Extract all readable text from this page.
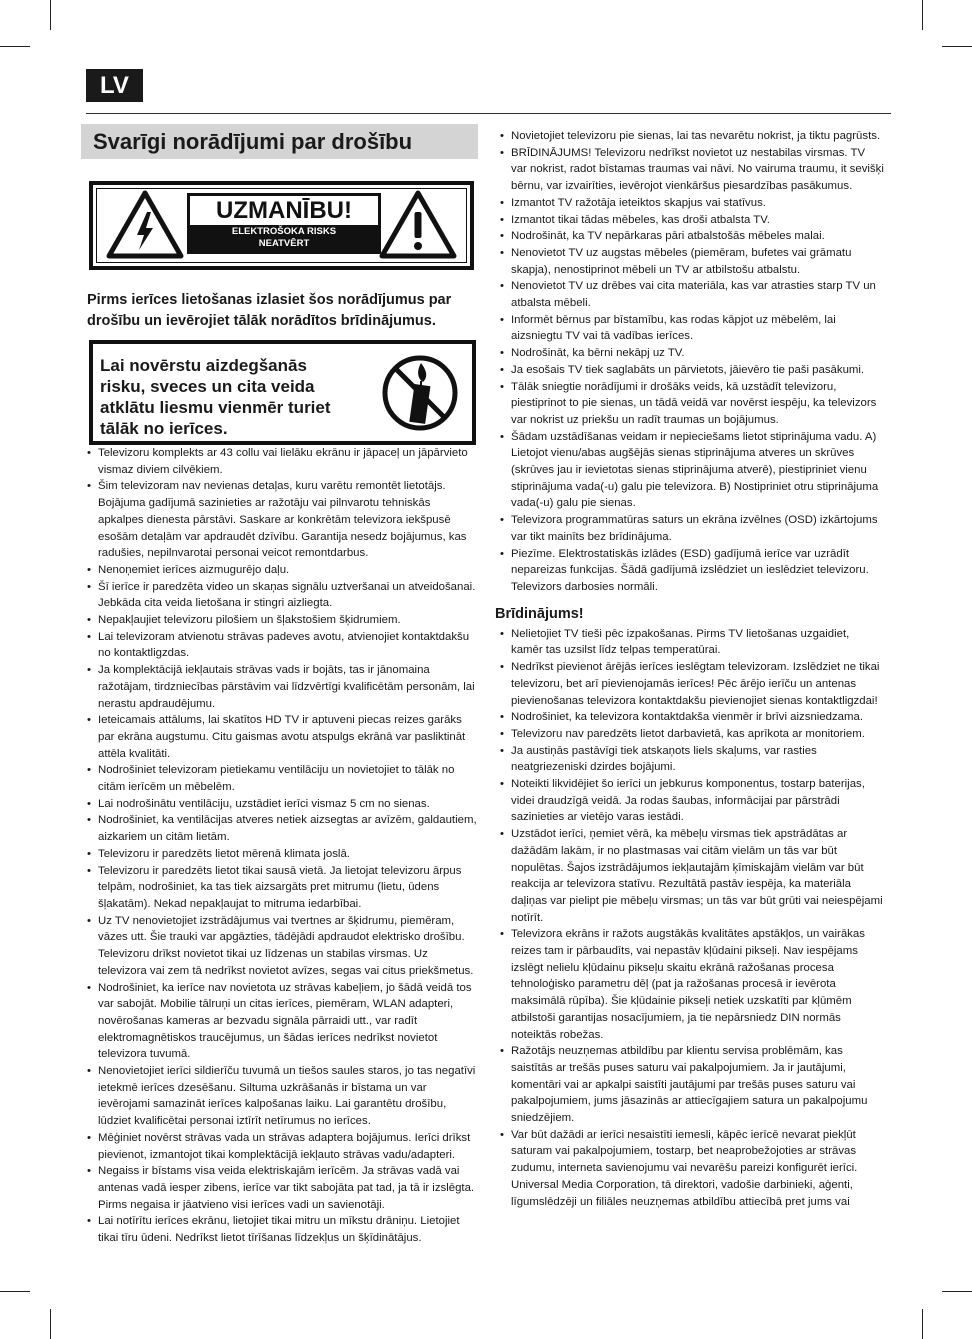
LV
Svarīgi norādījumi par drošību
UZMANĪBU!
ELEKTROŠOKA RISKS
NEATVĒRT
Pirms ierīces lietošanas izlasiet šos norādījumus par drošību un ievērojiet tālāk norādītos brīdinājumus.
Lai novērstu aizdegšanās risku, sveces un cita veida atklātu liesmu vienmēr turiet tālāk no ierīces.
• Televizoru komplekts ar 43 collu vai lielāku ekrānu ir jāpaceļ un jāpārvieto vismaz diviem cilvēkiem.
• Šim televizoram nav nevienas detaļas, kuru varētu remontēt lietotājs. Bojājuma gadījumā sazinieties ar ražotāju vai pilnvarotu tehniskās apkalpes dienesta pārstāvi. Saskare ar konkrētām televizora iekšpusē esošām detaļām var apdraudēt dzīvību. Garantija nesedz bojājumus, kas radušies, nepilnvarotai personai veicot remontdarbus.
• Nenoņemiet ierīces aizmugurējo daļu.
• Šī ierīce ir paredzēta video un skaņas signālu uztveršanai un atveidošanai. Jebkāda cita veida lietošana ir stingri aizliegta.
• Nepakļaujiet televizoru pilošiem un šļakstošiem šķidrumiem.
• Lai televizoram atvienotu strāvas padeves avotu, atvienojiet kontaktdakšu no kontaktligzdas.
• Ja komplektācijā iekļautais strāvas vads ir bojāts, tas ir jānomaina ražotājam, tirdzniecības pārstāvim vai līdzvērtīgi kvalificētām personām, lai nerastu apdraudējumu.
• Ieteicamais attālums, lai skatītos HD TV ir aptuveni piecas reizes garāks par ekrāna augstumu. Citu gaismas avotu atspulgs ekrānā var pasliktināt attēla kvalitāti.
• Nodrošiniet televizoram pietiekamu ventilāciju un novietojiet to tālāk no citām ierīcēm un mēbelēm.
• Lai nodrošinātu ventilāciju, uzstādiet ierīci vismaz 5 cm no sienas.
• Nodrošiniet, ka ventilācijas atveres netiek aizsegtas ar avīzēm, galdautiem, aizkariem un citām lietām.
• Televizoru ir paredzēts lietot mērenā klimata joslā.
• Televizoru ir paredzēts lietot tikai sausā vietā. Ja lietojat televizoru ārpus telpām, nodrošiniet, ka tas tiek aizsargāts pret mitrumu (lietu, ūdens šļakatām). Nekad nepakļaujat to mitruma iedarbībai.
• Uz TV nenovietojiet izstrādājumus vai tvertnes ar šķidrumu, piemēram, vāzes utt. Šie trauki var apgāzties, tādējādi apdraudot elektrisko drošību. Televizoru drīkst novietot tikai uz līdzenas un stabilas virsmas. Uz televizora vai zem tā nedrīkst novietot avīzes, segas vai citus priekšmetus.
• Nodrošiniet, ka ierīce nav novietota uz strāvas kabeļiem, jo šādā veidā tos var sabojāt. Mobilie tālruņi un citas ierīces, piemēram, WLAN adapteri, novērošanas kameras ar bezvadu signāla pārraidi utt., var radīt elektromagnētiskos traucējumus, un šādas ierīces nedrīkst novietot televizora tuvumā.
• Nenovietojiet ierīci sildierīču tuvumā un tiešos saules staros, jo tas negatīvi ietekmē ierīces dzesēšanu. Siltuma uzkrāšanās ir bīstama un var ievērojami samazināt ierīces kalpošanas laiku. Lai garantētu drošību, lūdziet kvalificētai personai iztīrīt netīrumus no ierīces.
• Mēģiniet novērst strāvas vada un strāvas adaptera bojājumus. Ierīci drīkst pievienot, izmantojot tikai komplektācijā iekļauto strāvas vadu/adapteri.
• Negaiss ir bīstams visa veida elektriskajām ierīcēm. Ja strāvas vadā vai antenas vadā iesper zibens, ierīce var tikt sabojāta pat tad, ja tā ir izslēgta. Pirms negaisa ir jāatvieno visi ierīces vadi un savienotāji.
• Lai notīrītu ierīces ekrānu, lietojiet tikai mitru un mīkstu drāniņu. Lietojiet tikai tīru ūdeni. Nedrīkst lietot tīrīšanas līdzekļus un šķīdinātājus.
• Novietojiet televizoru pie sienas, lai tas nevarētu nokrist, ja tiktu pagrūsts.
• BRĪDINĀJUMS! Televizoru nedrīkst novietot uz nestabilas virsmas. TV var nokrist, radot bīstamas traumas vai nāvi. No vairuma traumu, it sevišķi bērnu, var izvairīties, ievērojot vienkāršus piesardzības pasākumus.
• Izmantot TV ražotāja ieteiktos skapjus vai statīvus.
• Izmantot tikai tādas mēbeles, kas droši atbalsta TV.
• Nodrošināt, ka TV nepārkaras pāri atbalstošās mēbeles malai.
• Nenovietot TV uz augstas mēbeles (piemēram, bufetes vai grāmatu skapja), nenostiprinot mēbeli un TV ar atbilstošu atbalstu.
• Nenovietot TV uz drēbes vai cita materiāla, kas var atrasties starp TV un atbalsta mēbeli.
• Informēt bērnus par bīstamību, kas rodas kāpjot uz mēbelēm, lai aizsniegtu TV vai tā vadības ierīces.
• Nodrošināt, ka bērni nekāpj uz TV.
• Ja esošais TV tiek saglabāts un pārvietots, jāievēro tie paši pasākumi.
• Tālāk sniegtie norādījumi ir drošāks veids, kā uzstādīt televizoru, piestiprinot to pie sienas, un tādā veidā var novērst iespēju, ka televizors var nokrist uz priekšu un radīt traumas un bojājumus.
• Šādam uzstādīšanas veidam ir nepieciešams lietot stiprinājuma vadu. A) Lietojot vienu/abas augšējās sienas stiprinājuma atveres un skrūves (skrūves jau ir ievietotas sienas stiprinājuma atverē), piestipriniet vienu stiprinājuma vada(-u) galu pie televizora. B) Nostipriniet otru stiprinājuma vada(-u) galu pie sienas.
• Televizora programmatūras saturs un ekrāna izvēlnes (OSD) izkārtojums var tikt mainīts bez brīdinājuma.
• Piezīme. Elektrostatiskās izlādes (ESD) gadījumā ierīce var uzrādīt nepareizas funkcijas. Šādā gadījumā izslēdziet un ieslēdziet televizoru. Televizors darbosies normāli.
Brīdinājums!
• Nelietojiet TV tieši pēc izpakošanas. Pirms TV lietošanas uzgaidiet, kamēr tas uzsilst līdz telpas temperatūrai.
• Nedrīkst pievienot ārējās ierīces ieslēgtam televizoram. Izslēdziet ne tikai televizoru, bet arī pievienojamās ierīces! Pēc ārējo ierīču un antenas pievienošanas televizora kontaktdakšu pievienojiet sienas kontaktligzdai!
• Nodrošiniet, ka televizora kontaktdakša vienmēr ir brīvi aizsniedzama.
• Televizoru nav paredzēts lietot darbavietā, kas aprīkota ar monitoriem.
• Ja austiņās pastāvīgi tiek atskaņots liels skaļums, var rasties neatgriezeniski dzirdes bojājumi.
• Noteikti likvidējiet šo ierīci un jebkurus komponentus, tostarp baterijas, videi draudzīgā veidā. Ja rodas šaubas, informācijai par pārstrādi sazinieties ar vietējo varas iestādi.
• Uzstādot ierīci, ņemiet vērā, ka mēbeļu virsmas tiek apstrādātas ar dažādām lakām, ir no plastmasas vai citām vielām un tās var būt nopulētas. Šajos izstrādājumos iekļautajām ķīmiskajām vielām var būt reakcija ar televizora statīvu. Rezultātā pastāv iespēja, ka materiāla daļiņas var pielipt pie mēbeļu virsmas; un tās var būt grūti vai neiespējami notīrīt.
• Televizora ekrāns ir ražots augstākās kvalitātes apstākļos, un vairākas reizes tam ir pārbaudīts, vai nepastāv kļūdaini pikseļi. Nav iespējams izslēgt nelielu kļūdainu pikseļu skaitu ekrānā ražošanas procesa tehnoloģisko parametru dēļ (pat ja ražošanas procesā ir ievērota maksimālā rūpība). Šie kļūdainie pikseļi netiek uzskatīti par kļūmēm atbilstoši garantijas nosacījumiem, ja tie nepārsniedz DIN normās noteiktās robežas.
• Ražotājs neuzņemas atbildību par klientu servisa problēmām, kas saistītās ar trešās puses saturu vai pakalpojumiem. Ja ir jautājumi, komentāri vai ar apkalpi saistīti jautājumi par trešās puses saturu vai pakalpojumiem, jums jāsazinās ar attiecīgajiem satura un pakalpojumu sniedzējiem.
• Var būt dažādi ar ierīci nesaistīti iemesli, kāpēc ierīcē nevarat piekļūt saturam vai pakalpojumiem, tostarp, bet neaprobežojoties ar strāvas zudumu, interneta savienojumu vai nevarēšu pareizi konfigurēt ierīci. Universal Media Corporation, tā direktori, vadošie darbinieki, aģenti, līgumslēdzēji un filiāles neuzņemas atbildību attiecībā pret jums vai
